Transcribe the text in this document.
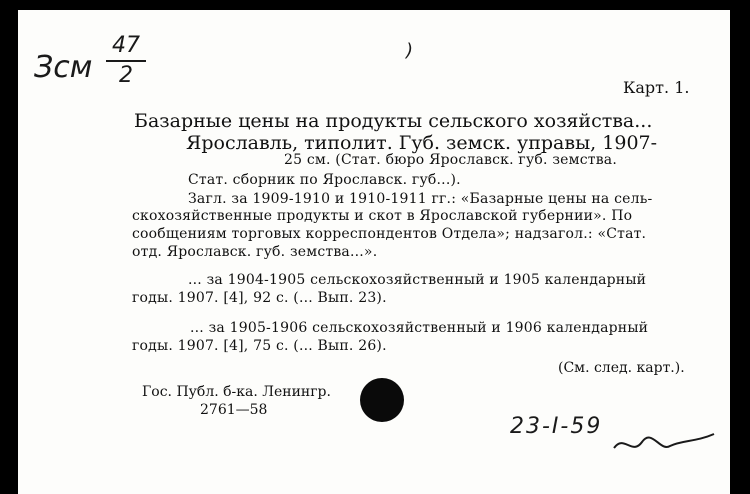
Зсм
47
2
)
Карт. 1.
Базарные цены на продукты сельского хозяйства...
Ярославль, типолит. Губ. земск. управы, 1907-
25 см. (Стат. бюро Ярославск. губ. земства.
Стат. сборник по Ярославск. губ...).
Загл. за 1909-1910 и 1910-1911 гг.: «Базарные цены на сель-
скохозяйственные продукты и скот в Ярославской губернии». По
сообщениям торговых корреспондентов Отдела»; надзагол.: «Стат.
отд. Ярославск. губ. земства...».
... за 1904-1905 сельскохозяйственный и 1905 календарный
годы. 1907. [4], 92 с. (... Вып. 23).
... за 1905-1906 сельскохозяйственный и 1906 календарный
годы. 1907. [4], 75 с. (... Вып. 26).
(См. след. карт.).
Гос. Публ. б-ка. Ленингр.
2761—58
23-I-59
